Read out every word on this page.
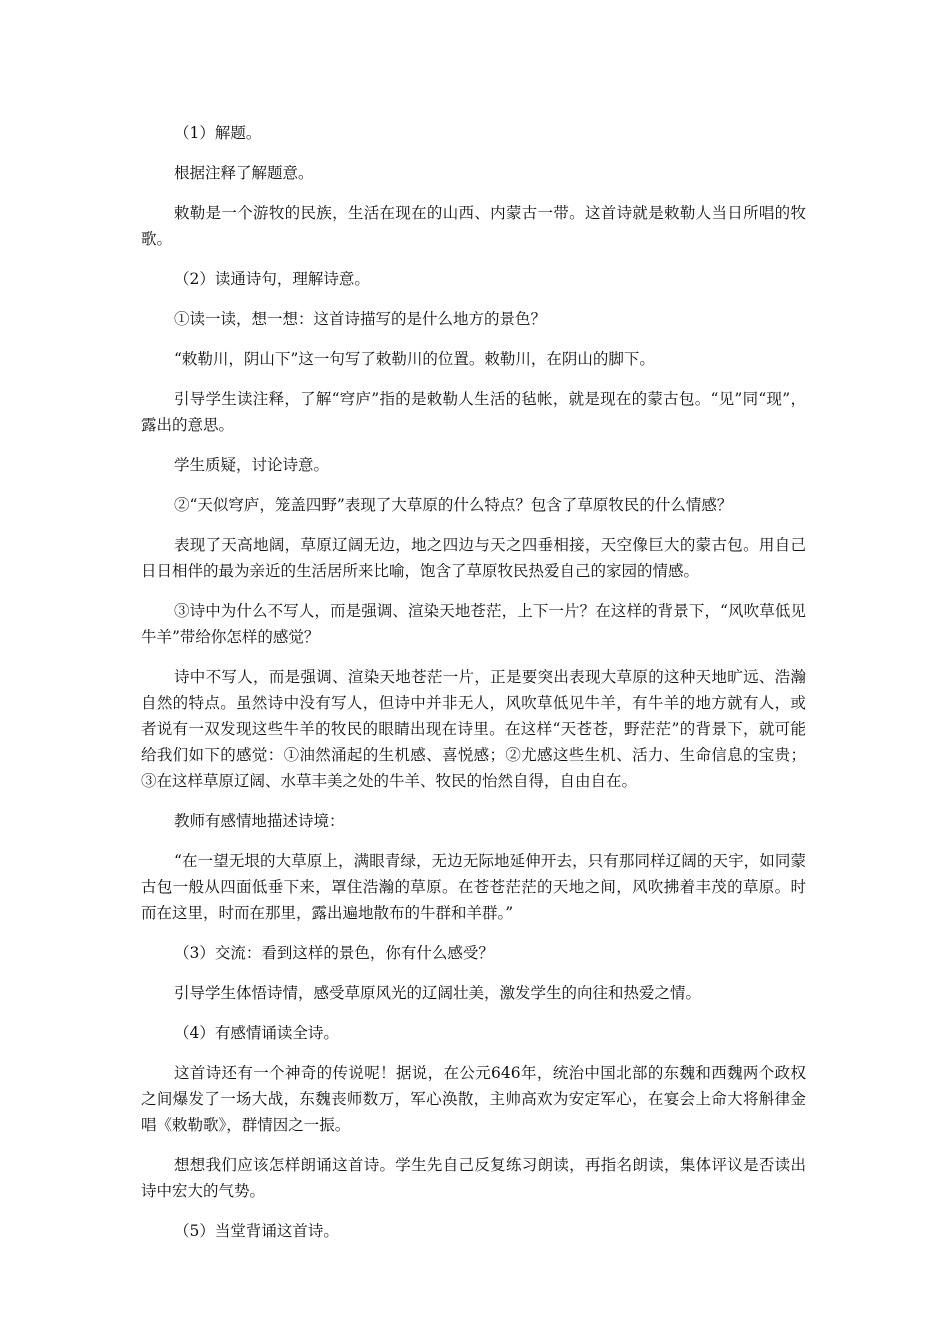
（1）解题。

根据注释了解题意。

敕勒是一个游牧的民族，生活在现在的山西、内蒙古一带。这首诗就是敕勒人当日所唱的牧歌。

（2）读通诗句，理解诗意。

①读一读，想一想：这首诗描写的是什么地方的景色？

“敕勒川，阴山下”这一句写了敕勒川的位置。敕勒川，在阴山的脚下。

引导学生读注释，了解“穹庐”指的是敕勒人生活的毡帐，就是现在的蒙古包。“见”同“现”，露出的意思。

学生质疑，讨论诗意。

②“天似穹庐，笼盖四野”表现了大草原的什么特点？包含了草原牧民的什么情感？

表现了天高地阔，草原辽阔无边，地之四边与天之四垂相接，天空像巨大的蒙古包。用自己日日相伴的最为亲近的生活居所来比喻，饱含了草原牧民热爱自己的家园的情感。

③诗中为什么不写人，而是强调、渲染天地苍茫，上下一片？在这样的背景下，“风吹草低见牛羊”带给你怎样的感觉？

诗中不写人，而是强调、渲染天地苍茫一片，正是要突出表现大草原的这种天地旷远、浩瀚自然的特点。虽然诗中没有写人，但诗中并非无人，风吹草低见牛羊，有牛羊的地方就有人，或者说有一双发现这些牛羊的牧民的眼睛出现在诗里。在这样“天苍苍，野茫茫”的背景下，就可能给我们如下的感觉：①油然涌起的生机感、喜悦感；②尤感这些生机、活力、生命信息的宝贵；③在这样草原辽阔、水草丰美之处的牛羊、牧民的怡然自得，自由自在。

教师有感情地描述诗境：

“在一望无垠的大草原上，满眼青绿，无边无际地延伸开去，只有那同样辽阔的天宇，如同蒙古包一般从四面低垂下来，罩住浩瀚的草原。在苍苍茫茫的天地之间，风吹拂着丰茂的草原。时而在这里，时而在那里，露出遍地散布的牛群和羊群。”

（3）交流：看到这样的景色，你有什么感受？

引导学生体悟诗情，感受草原风光的辽阔壮美，激发学生的向往和热爱之情。

（4）有感情诵读全诗。

这首诗还有一个神奇的传说呢！据说，在公元646年，统治中国北部的东魏和西魏两个政权之间爆发了一场大战，东魏丧师数万，军心涣散，主帅高欢为安定军心，在宴会上命大将斛律金唱《敕勒歌》，群情因之一振。

想想我们应该怎样朗诵这首诗。学生先自己反复练习朗读，再指名朗读，集体评议是否读出诗中宏大的气势。

（5）当堂背诵这首诗。
